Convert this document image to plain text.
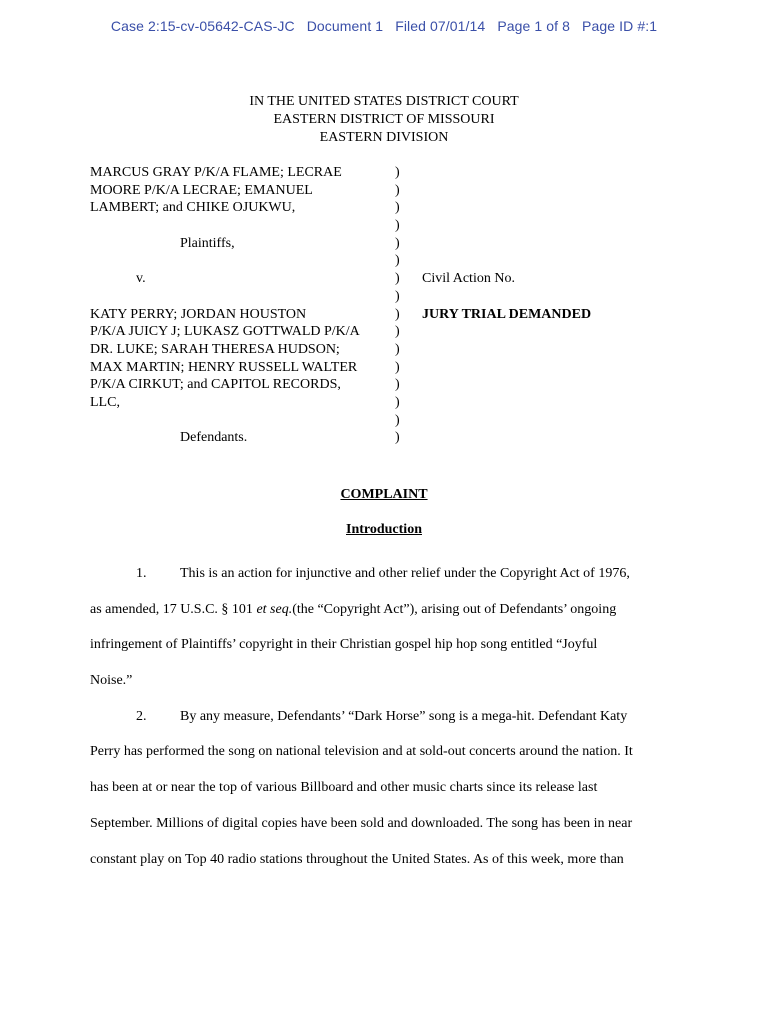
Case 2:15-cv-05642-CAS-JC Document 1 Filed 07/01/14 Page 1 of 8 Page ID #:1
IN THE UNITED STATES DISTRICT COURT
EASTERN DISTRICT OF MISSOURI
EASTERN DIVISION
MARCUS GRAY P/K/A FLAME; LECRAE
MOORE P/K/A LECRAE; EMANUEL
LAMBERT; and CHIKE OJUKWU,
Plaintiffs,
v.
KATY PERRY; JORDAN HOUSTON
P/K/A JUICY J; LUKASZ GOTTWALD P/K/A
DR. LUKE; SARAH THERESA HUDSON;
MAX MARTIN; HENRY RUSSELL WALTER
P/K/A CIRKUT; and CAPITOL RECORDS,
LLC,
Defendants.
)
)
)
)
)
)
)
)
)
)
)
)
)
)
)
)
Civil Action No.
JURY TRIAL DEMANDED
COMPLAINT
Introduction
1. This is an action for injunctive and other relief under the Copyright Act of 1976,
as amended, 17 U.S.C. § 101 et seq.(the “Copyright Act”), arising out of Defendants’ ongoing
infringement of Plaintiffs’ copyright in their Christian gospel hip hop song entitled “Joyful
Noise.”
2. By any measure, Defendants’ “Dark Horse” song is a mega-hit. Defendant Katy
Perry has performed the song on national television and at sold-out concerts around the nation. It
has been at or near the top of various Billboard and other music charts since its release last
September. Millions of digital copies have been sold and downloaded. The song has been in near
constant play on Top 40 radio stations throughout the United States. As of this week, more than
